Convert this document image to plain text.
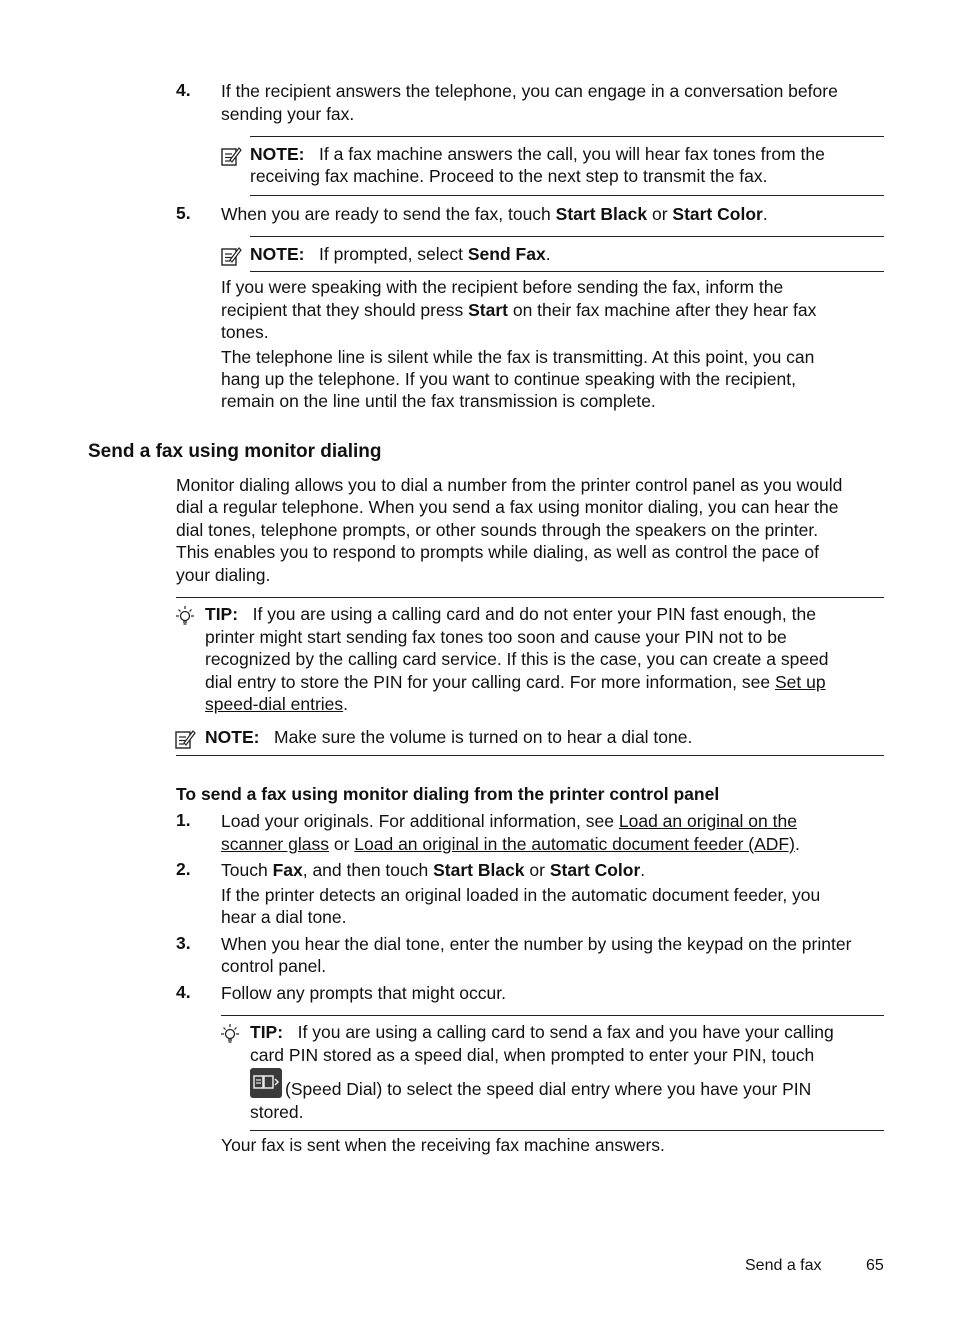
4. If the recipient answers the telephone, you can engage in a conversation before
sending your fax.
NOTE: If a fax machine answers the call, you will hear fax tones from the
receiving fax machine. Proceed to the next step to transmit the fax.
5. When you are ready to send the fax, touch Start Black or Start Color.
NOTE: If prompted, select Send Fax.
If you were speaking with the recipient before sending the fax, inform the
recipient that they should press Start on their fax machine after they hear fax
tones.
The telephone line is silent while the fax is transmitting. At this point, you can
hang up the telephone. If you want to continue speaking with the recipient,
remain on the line until the fax transmission is complete.
Send a fax using monitor dialing
Monitor dialing allows you to dial a number from the printer control panel as you would
dial a regular telephone. When you send a fax using monitor dialing, you can hear the
dial tones, telephone prompts, or other sounds through the speakers on the printer.
This enables you to respond to prompts while dialing, as well as control the pace of
your dialing.
TIP: If you are using a calling card and do not enter your PIN fast enough, the
printer might start sending fax tones too soon and cause your PIN not to be
recognized by the calling card service. If this is the case, you can create a speed
dial entry to store the PIN for your calling card. For more information, see Set up
speed-dial entries.
NOTE: Make sure the volume is turned on to hear a dial tone.
To send a fax using monitor dialing from the printer control panel
1. Load your originals. For additional information, see Load an original on the
scanner glass or Load an original in the automatic document feeder (ADF).
2. Touch Fax, and then touch Start Black or Start Color.
If the printer detects an original loaded in the automatic document feeder, you
hear a dial tone.
3. When you hear the dial tone, enter the number by using the keypad on the printer
control panel.
4. Follow any prompts that might occur.
TIP: If you are using a calling card to send a fax and you have your calling
card PIN stored as a speed dial, when prompted to enter your PIN, touch
(Speed Dial) to select the speed dial entry where you have your PIN
stored.
Your fax is sent when the receiving fax machine answers.
Send a fax	65
